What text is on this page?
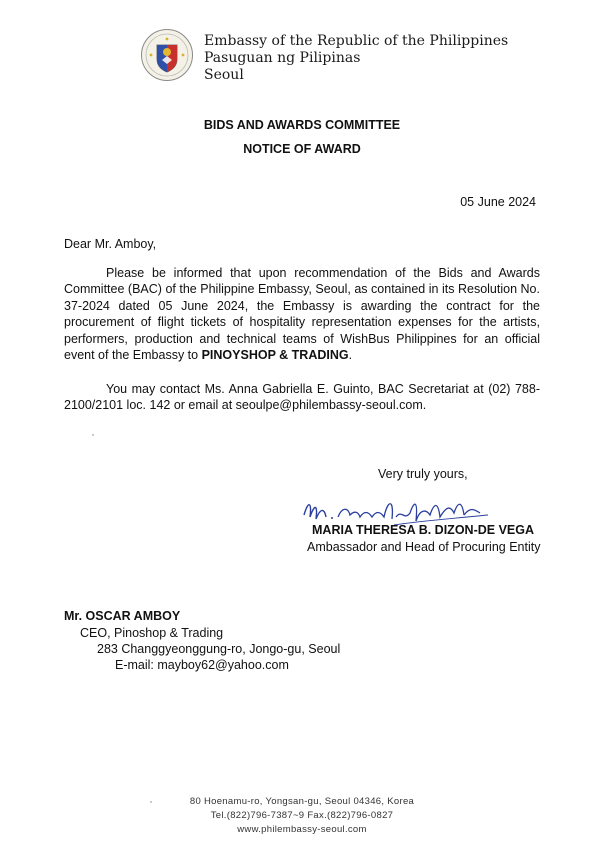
Embassy of the Republic of the Philippines
Pasuguan ng Pilipinas
Seoul
BIDS AND AWARDS COMMITTEE
NOTICE OF AWARD
05 June 2024
Dear Mr. Amboy,
Please be informed that upon recommendation of the Bids and Awards Committee (BAC) of the Philippine Embassy, Seoul, as contained in its Resolution No. 37-2024 dated 05 June 2024, the Embassy is awarding the contract for the procurement of flight tickets of hospitality representation expenses for the artists, performers, production and technical teams of WishBus Philippines for an official event of the Embassy to PINOYSHOP & TRADING.
You may contact Ms. Anna Gabriella E. Guinto, BAC Secretariat at (02) 788-2100/2101 loc. 142 or email at seoulpe@philembassy-seoul.com.
Very truly yours,
MARIA THERESA B. DIZON-DE VEGA
Ambassador and Head of Procuring Entity
Mr. OSCAR AMBOY
CEO, Pinoshop & Trading
283 Changgyeonggung-ro, Jongo-gu, Seoul
E-mail: mayboy62@yahoo.com
80 Hoenamu-ro, Yongsan-gu, Seoul 04346, Korea
Tel.(822)796-7387~9 Fax.(822)796-0827
www.philembassy-seoul.com
